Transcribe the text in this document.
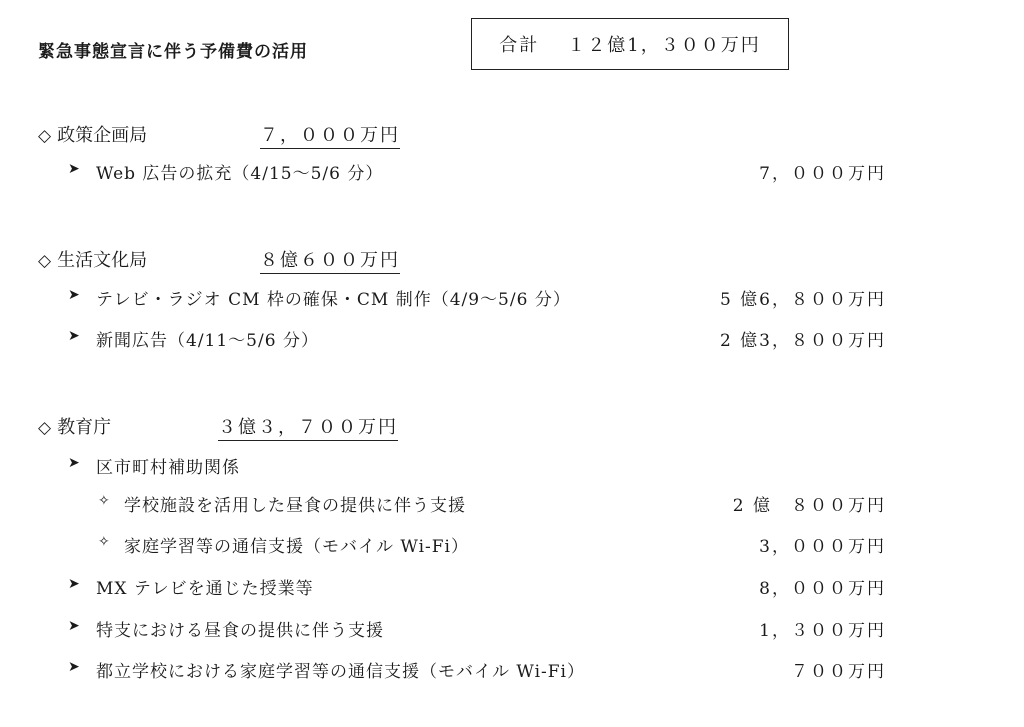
緊急事態宣言に伴う予備費の活用	合計 １２億1，３００万円
◇ 政策企画局	７，０００万円
➤ Web 広告の拡充（4/15～5/6 分）	7，０００万円
◇ 生活文化局	８億６００万円
➤ テレビ・ラジオ CM 枠の確保・CM 制作（4/9～5/6 分）	5 億6，８００万円
➤ 新聞広告（4/11～5/6 分）	2 億3，８００万円
◇ 教育庁	３億３，７００万円
➤ 区市町村補助関係
✧ 学校施設を活用した昼食の提供に伴う支援	2 億　８００万円
✧ 家庭学習等の通信支援（モバイル Wi-Fi）	3，０００万円
➤ MX テレビを通じた授業等	8，０００万円
➤ 特支における昼食の提供に伴う支援	1，３００万円
➤ 都立学校における家庭学習等の通信支援（モバイル Wi-Fi）	７００万円
